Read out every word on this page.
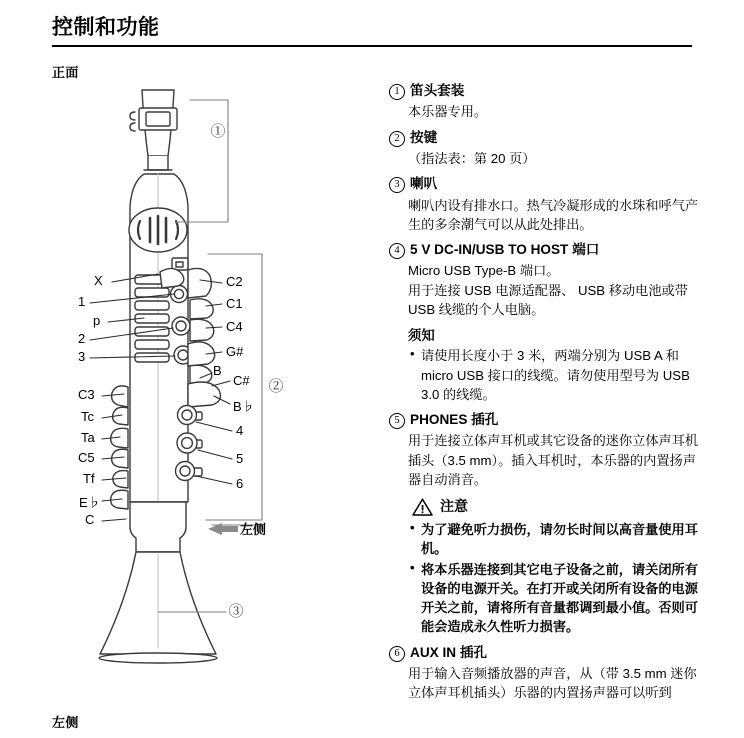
控制和功能
正面
左侧
X
1
p
2
3
C3
Tc
Ta
C5
Tf
E♭
C
C2
C1
C4
G#
B
C#
B♭
4
5
6
①
②
③
左侧
1 笛头套装

本乐器专用。

2 按键

（指法表：第 20 页）

3 喇叭

喇叭内设有排水口。热气冷凝形成的水珠和呼气产生的多余潮气可以从此处排出。

4 5 V DC-IN/USB TO HOST 端口

Micro USB Type-B 端口。

用于连接 USB 电源适配器、 USB 移动电池或带 USB 线缆的个人电脑。

须知
• 请使用长度小于 3 米，两端分别为 USB A 和 micro USB 接口的线缆。请勿使用型号为 USB 3.0 的线缆。
5 PHONES 插孔

用于连接立体声耳机或其它设备的迷你立体声耳机插头（3.5 mm）。插入耳机时，本乐器的内置扬声器自动消音。

注意
• 为了避免听力损伤，请勿长时间以高音量使用耳机。
• 将本乐器连接到其它电子设备之前，请关闭所有设备的电源开关。在打开或关闭所有设备的电源开关之前，请将所有音量都调到最小值。否则可能会造成永久性听力损害。
6 AUX IN 插孔

用于输入音频播放器的声音，从（带 3.5 mm 迷你立体声耳机插头）乐器的内置扬声器可以听到
